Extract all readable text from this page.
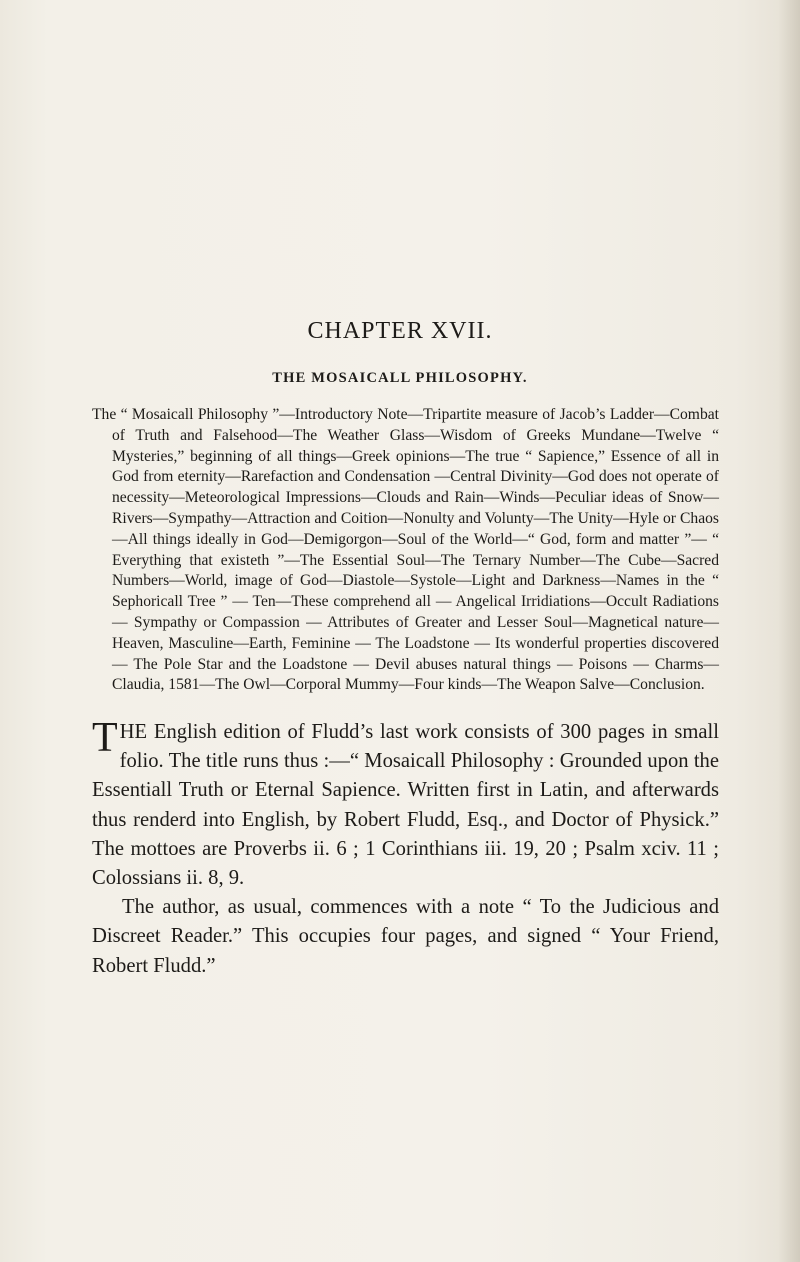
CHAPTER XVII.
THE MOSAICALL PHILOSOPHY.

The “ Mosaicall Philosophy ”—Introductory Note—Tripartite measure of Jacob’s Ladder—Combat of Truth and Falsehood—The Weather Glass—Wisdom of Greeks Mundane—Twelve “ Mysteries,” beginning of all things—Greek opinions—The true “ Sapience,” Essence of all in God from eternity—Rarefaction and Condensation —Central Divinity—God does not operate of necessity—Meteorological Impressions—Clouds and Rain—Winds—Peculiar ideas of Snow—Rivers—Sympathy—Attraction and Coition—Nonulty and Volunty—The Unity—Hyle or Chaos—All things ideally in God—Demigorgon—Soul of the World—“ God, form and matter ”— “ Everything that existeth ”—The Essential Soul—The Ternary Number—The Cube—Sacred Numbers—World, image of God—Diastole—Systole—Light and Darkness—Names in the “ Sephoricall Tree ” — Ten—These comprehend all — Angelical Irridiations—Occult Radiations — Sympathy or Compassion — Attributes of Greater and Lesser Soul—Magnetical nature—Heaven, Masculine—Earth, Feminine — The Loadstone — Its wonderful properties discovered — The Pole Star and the Loadstone — Devil abuses natural things — Poisons — Charms—Claudia, 1581—The Owl—Corporal Mummy—Four kinds—The Weapon Salve—Conclusion.

THE English edition of Fludd’s last work consists of 300 pages in small folio. The title runs thus :—“ Mosaicall Philosophy : Grounded upon the Essentiall Truth or Eternal Sapience. Written first in Latin, and afterwards thus renderd into English, by Robert Fludd, Esq., and Doctor of Physick.” The mottoes are Proverbs ii. 6 ; 1 Corinthians iii. 19, 20 ; Psalm xciv. 11 ; Colossians ii. 8, 9.

The author, as usual, commences with a note “ To the Judicious and Discreet Reader.” This occupies four pages, and signed “ Your Friend, Robert Fludd.”
